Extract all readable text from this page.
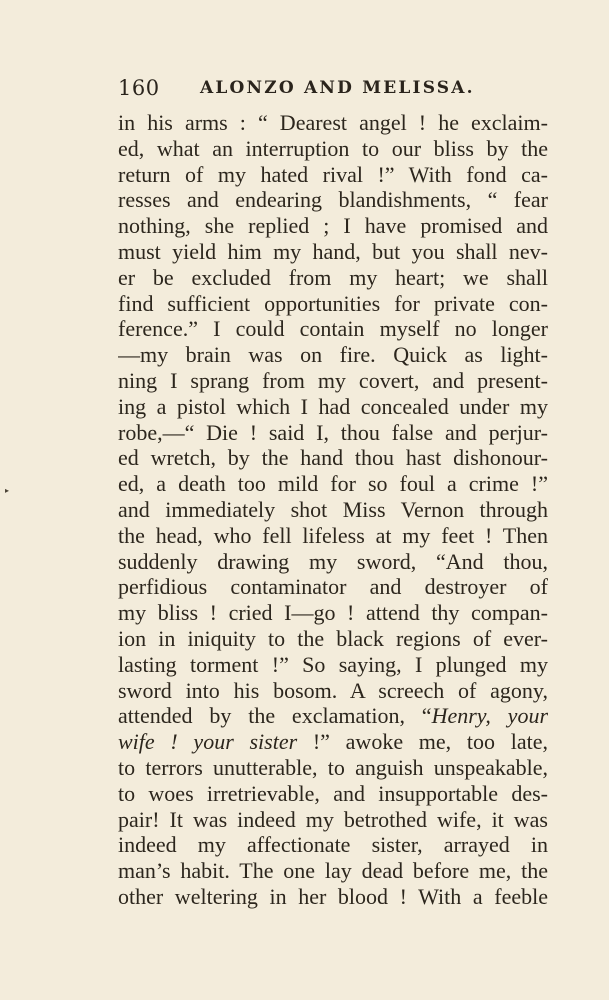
160 ALONZO AND MELISSA.
in his arms : “ Dearest angel ! he exclaim-
ed, what an interruption to our bliss by the
return of my hated rival !” With fond ca-
resses and endearing blandishments, “ fear
nothing, she replied ; I have promised and
must yield him my hand, but you shall nev-
er be excluded from my heart; we shall
find sufficient opportunities for private con-
ference.” I could contain myself no longer
—my brain was on fire. Quick as light-
ning I sprang from my covert, and present-
ing a pistol which I had concealed under my
robe,—“ Die ! said I, thou false and perjur-
ed wretch, by the hand thou hast dishonour-
ed, a death too mild for so foul a crime !”
and immediately shot Miss Vernon through
the head, who fell lifeless at my feet ! Then
suddenly drawing my sword, “And thou,
perfidious contaminator and destroyer of
my bliss ! cried I—go ! attend thy compan-
ion in iniquity to the black regions of ever-
lasting torment !” So saying, I plunged my
sword into his bosom. A screech of agony,
attended by the exclamation, “Henry, your
wife ! your sister !” awoke me, too late,
to terrors unutterable, to anguish unspeakable,
to woes irretrievable, and insupportable des-
pair! It was indeed my betrothed wife, it was
indeed my affectionate sister, arrayed in
man’s habit. The one lay dead before me, the
other weltering in her blood ! With a feeble
▸
